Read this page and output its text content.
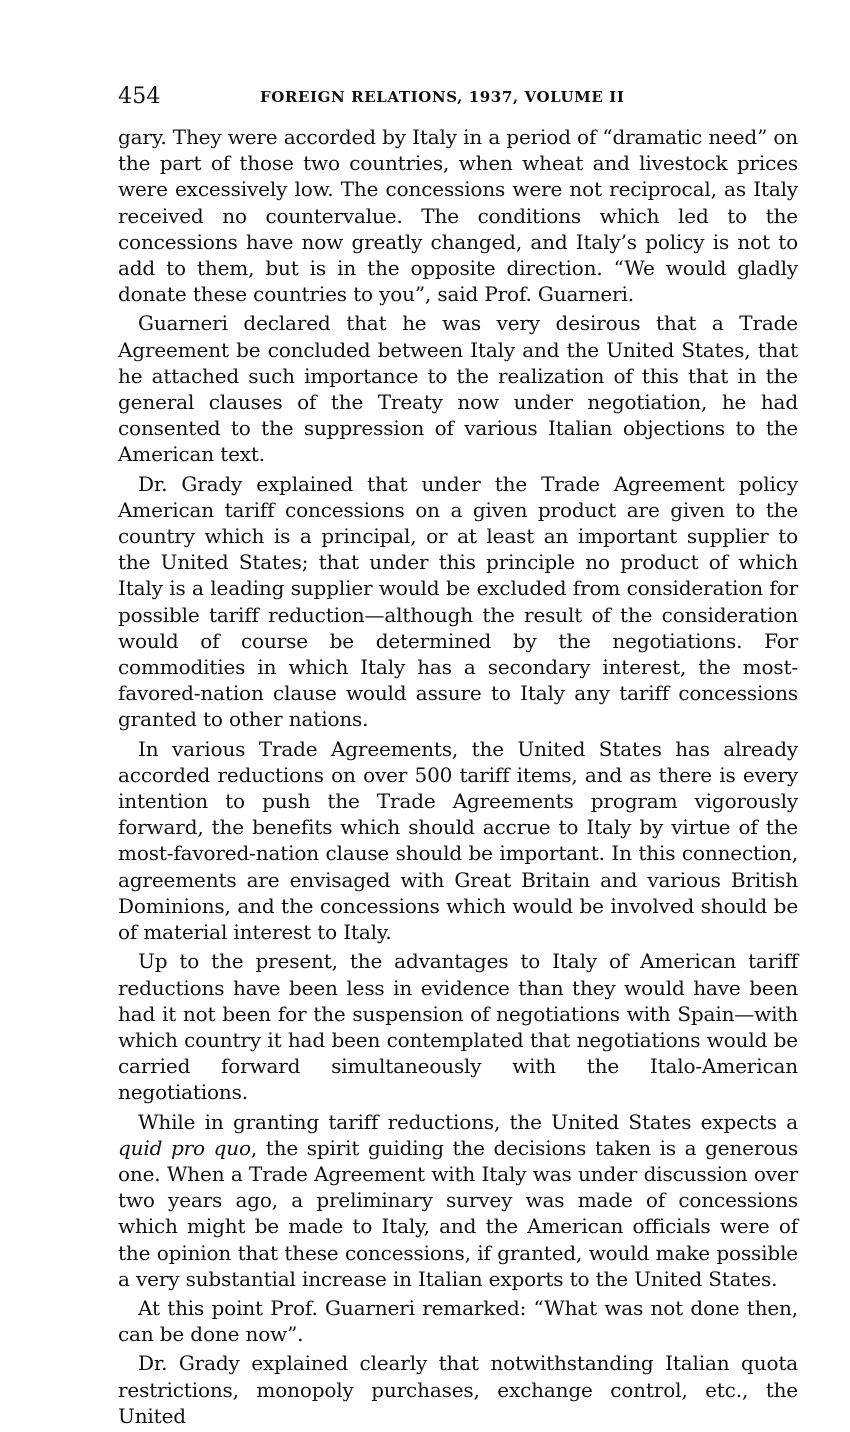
454	FOREIGN RELATIONS, 1937, VOLUME II

gary. They were accorded by Italy in a period of “dramatic need” on the part of those two countries, when wheat and livestock prices were excessively low. The concessions were not reciprocal, as Italy received no countervalue. The conditions which led to the concessions have now greatly changed, and Italy’s policy is not to add to them, but is in the opposite direction. “We would gladly donate these countries to you”, said Prof. Guarneri.

Guarneri declared that he was very desirous that a Trade Agreement be concluded between Italy and the United States, that he attached such importance to the realization of this that in the general clauses of the Treaty now under negotiation, he had consented to the suppression of various Italian objections to the American text.

Dr. Grady explained that under the Trade Agreement policy American tariff concessions on a given product are given to the country which is a principal, or at least an important supplier to the United States; that under this principle no product of which Italy is a leading supplier would be excluded from consideration for possible tariff reduction—although the result of the consideration would of course be determined by the negotiations. For commodities in which Italy has a secondary interest, the most-favored-nation clause would assure to Italy any tariff concessions granted to other nations.

In various Trade Agreements, the United States has already accorded reductions on over 500 tariff items, and as there is every intention to push the Trade Agreements program vigorously forward, the benefits which should accrue to Italy by virtue of the most-favored-nation clause should be important. In this connection, agreements are envisaged with Great Britain and various British Dominions, and the concessions which would be involved should be of material interest to Italy.

Up to the present, the advantages to Italy of American tariff reductions have been less in evidence than they would have been had it not been for the suspension of negotiations with Spain—with which country it had been contemplated that negotiations would be carried forward simultaneously with the Italo-American negotiations.

While in granting tariff reductions, the United States expects a quid pro quo, the spirit guiding the decisions taken is a generous one. When a Trade Agreement with Italy was under discussion over two years ago, a preliminary survey was made of concessions which might be made to Italy, and the American officials were of the opinion that these concessions, if granted, would make possible a very substantial increase in Italian exports to the United States.

At this point Prof. Guarneri remarked: “What was not done then, can be done now”.

Dr. Grady explained clearly that notwithstanding Italian quota restrictions, monopoly purchases, exchange control, etc., the United
